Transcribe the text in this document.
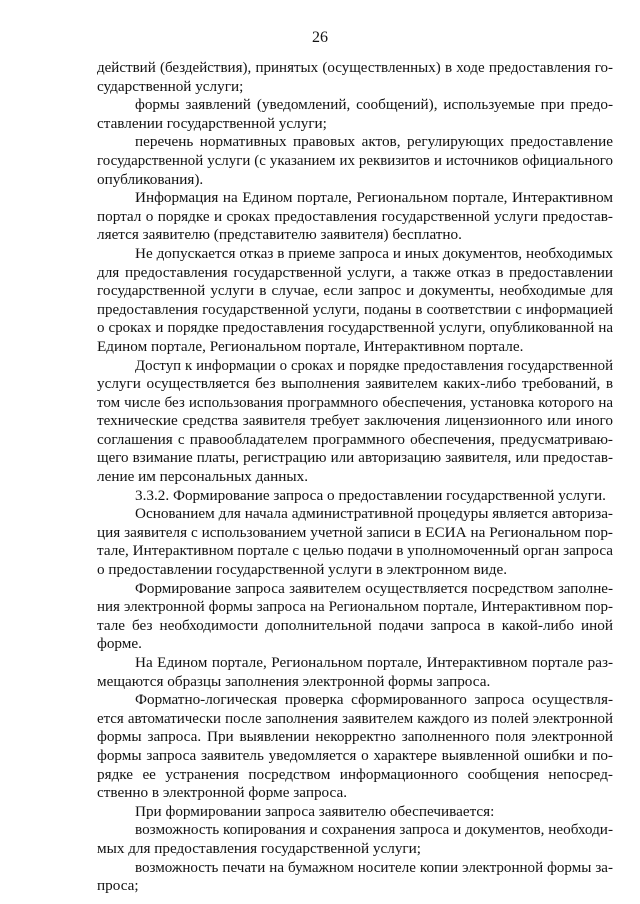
26
действий (бездействия), принятых (осуществленных) в ходе предоставления го-
сударственной услуги;
формы заявлений (уведомлений, сообщений), используемые при предо-
ставлении государственной услуги;
перечень нормативных правовых актов, регулирующих предоставление
государственной услуги (с указанием их реквизитов и источников официального
опубликования).
Информация на Едином портале, Региональном портале, Интерактивном
портал о порядке и сроках предоставления государственной услуги предостав-
ляется заявителю (представителю заявителя) бесплатно.
Не допускается отказ в приеме запроса и иных документов, необходимых
для предоставления государственной услуги, а также отказ в предоставлении
государственной услуги в случае, если запрос и документы, необходимые для
предоставления государственной услуги, поданы в соответствии с информацией
о сроках и порядке предоставления государственной услуги, опубликованной на
Едином портале, Региональном портале, Интерактивном портале.
Доступ к информации о сроках и порядке предоставления государственной
услуги осуществляется без выполнения заявителем каких-либо требований, в
том числе без использования программного обеспечения, установка которого на
технические средства заявителя требует заключения лицензионного или иного
соглашения с правообладателем программного обеспечения, предусматриваю-
щего взимание платы, регистрацию или авторизацию заявителя, или предостав-
ление им персональных данных.
3.3.2. Формирование запроса о предоставлении государственной услуги.
Основанием для начала административной процедуры является авторизa-
ция заявителя с использованием учетной записи в ЕСИА на Региональном пор-
тале, Интерактивном портале с целью подачи в уполномоченный орган запроса
о предоставлении государственной услуги в электронном виде.
Формирование запроса заявителем осуществляется посредством заполне-
ния электронной формы запроса на Региональном портале, Интерактивном пор-
тале без необходимости дополнительной подачи запроса в какой-либо иной
форме.
На Едином портале, Региональном портале, Интерактивном портале раз-
мещаются образцы заполнения электронной формы запроса.
Форматно-логическая проверка сформированного запроса осуществля-
ется автоматически после заполнения заявителем каждого из полей электронной
формы запроса. При выявлении некорректно заполненного поля электронной
формы запроса заявитель уведомляется о характере выявленной ошибки и по-
рядке ее устранения посредством информационного сообщения непосред-
ственно в электронной форме запроса.
При формировании запроса заявителю обеспечивается:
возможность копирования и сохранения запроса и документов, необходи-
мых для предоставления государственной услуги;
возможность печати на бумажном носителе копии электронной формы за-
проса;
